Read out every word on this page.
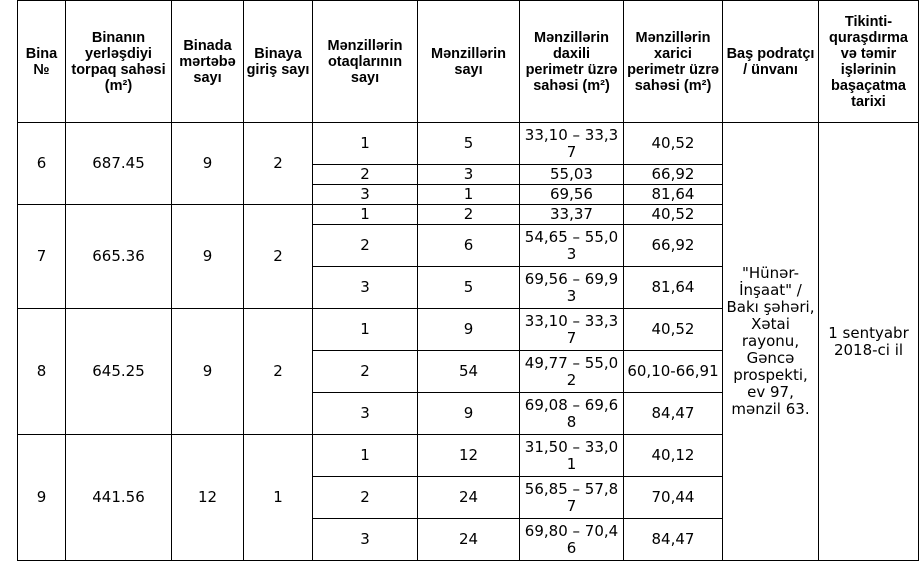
Bina №	Binanın yerləşdiyi torpaq sahəsi (m²)	Binada mərtəbə sayı	Binaya giriş sayı	Mənzillərin otaqlarının sayı	Mənzillərin sayı	Mənzillərin daxili perimetr üzrə sahəsi (m²)	Mənzillərin xarici perimetr üzrə sahəsi (m²)	Baş podratçı / ünvanı	Tikinti-quraşdırma və təmir işlərinin başaçatma tarixi
6	687.45	9	2	1	5	33,10 – 33,37	40,52	"Hünər-İnşaat" / Bakı şəhəri, Xətai rayonu, Gəncə prospekti, ev 97, mənzil 63.	1 sentyabr 2018-ci il
				2	3	55,03	66,92		
				3	1	69,56	81,64		
7	665.36	9	2	1	2	33,37	40,52		
				2	6	54,65 – 55,03	66,92		
				3	5	69,56 – 69,93	81,64		
8	645.25	9	2	1	9	33,10 – 33,37	40,52		
				2	54	49,77 – 55,02	60,10-66,91		
				3	9	69,08 – 69,68	84,47		
9	441.56	12	1	1	12	31,50 – 33,01	40,12		
				2	24	56,85 – 57,87	70,44		
				3	24	69,80 – 70,46	84,47		
